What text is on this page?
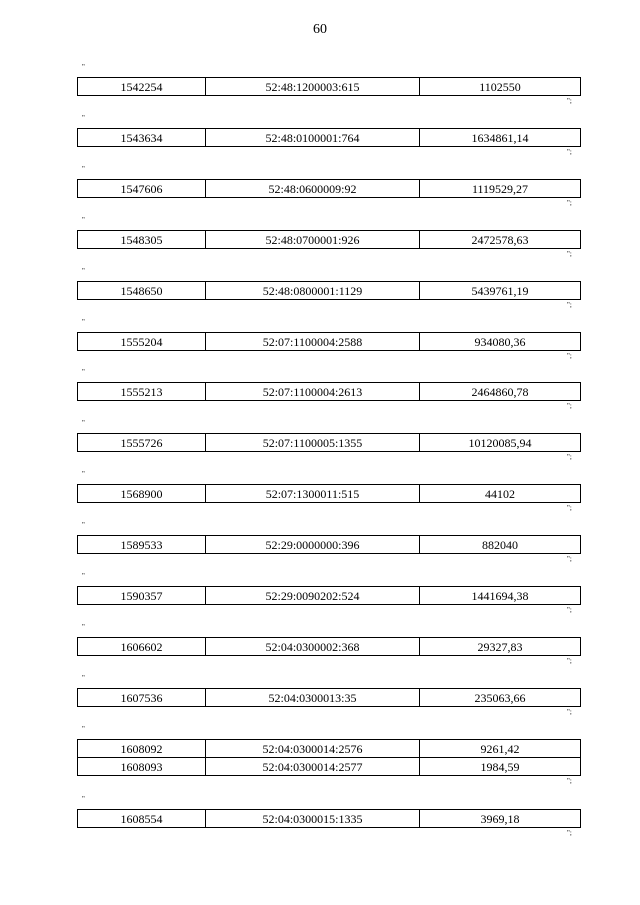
60
"
1542254	52:48:1200003:615	1102550
";
"
1543634	52:48:0100001:764	1634861,14
";
"
1547606	52:48:0600009:92	1119529,27
";
"
1548305	52:48:0700001:926	2472578,63
";
"
1548650	52:48:0800001:1129	5439761,19
";
"
1555204	52:07:1100004:2588	934080,36
";
"
1555213	52:07:1100004:2613	2464860,78
";
"
1555726	52:07:1100005:1355	10120085,94
";
"
1568900	52:07:1300011:515	44102
";
"
1589533	52:29:0000000:396	882040
";
"
1590357	52:29:0090202:524	1441694,38
";
"
1606602	52:04:0300002:368	29327,83
";
"
1607536	52:04:0300013:35	235063,66
";
"
1608092	52:04:0300014:2576	9261,42
1608093	52:04:0300014:2577	1984,59
";
"
1608554	52:04:0300015:1335	3969,18
";
